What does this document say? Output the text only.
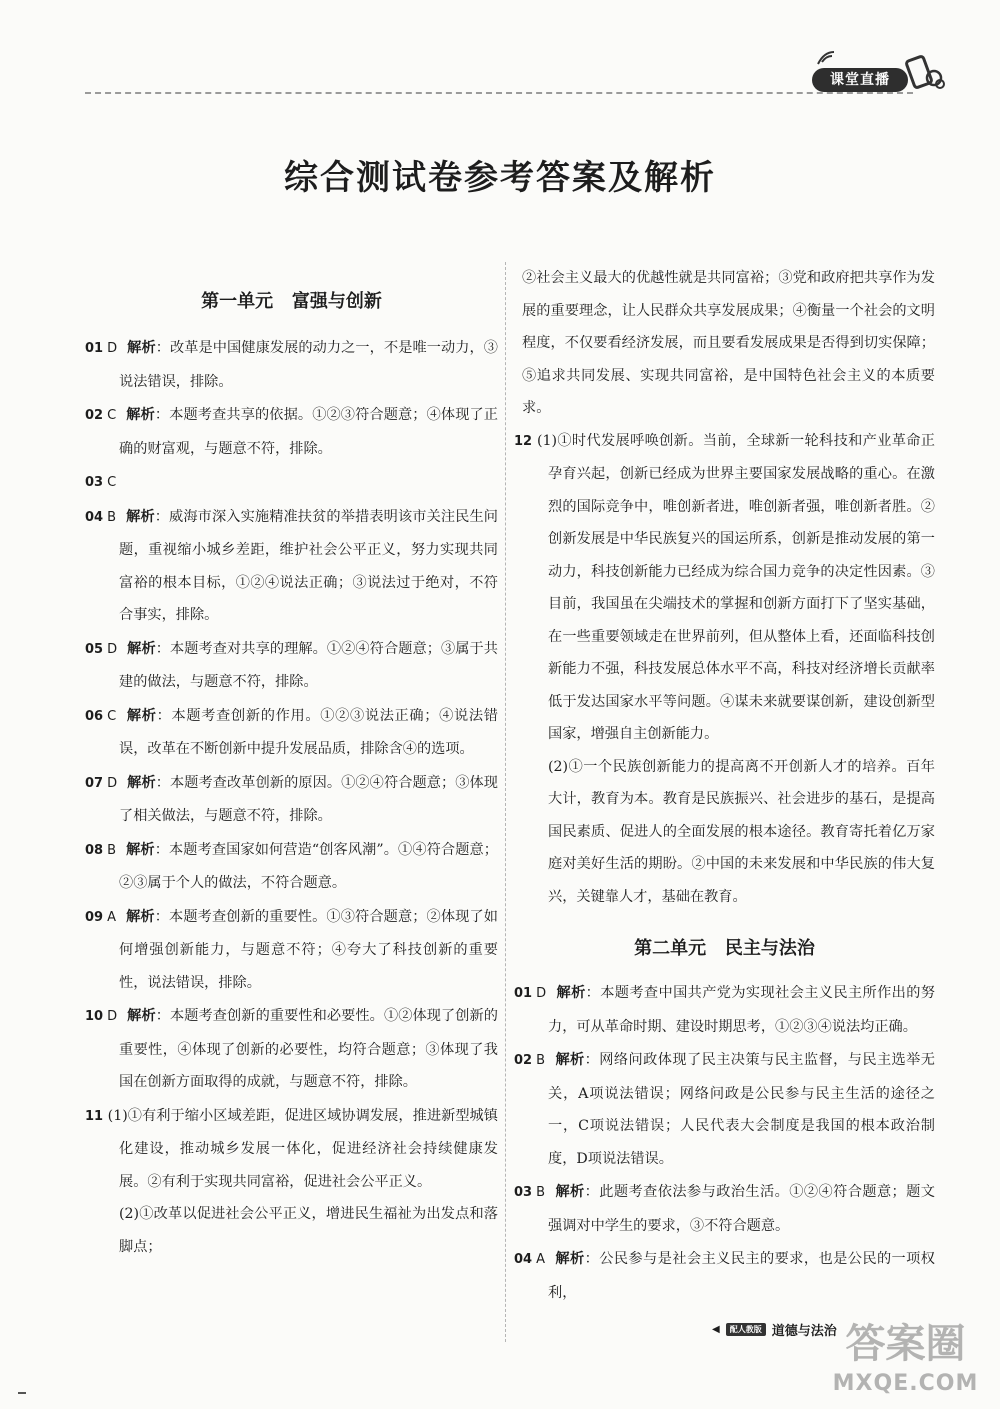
课堂直播
综合测试卷参考答案及解析

第一单元   富强与创新

01 D 解析：改革是中国健康发展的动力之一，不是唯一动力，③说法错误，排除。

02 C 解析：本题考查共享的依据。①②③符合题意；④体现了正确的财富观，与题意不符，排除。

03 C

04 B 解析：威海市深入实施精准扶贫的举措表明该市关注民生问题，重视缩小城乡差距，维护社会公平正义，努力实现共同富裕的根本目标，①②④说法正确；③说法过于绝对，不符合事实，排除。

05 D 解析：本题考查对共享的理解。①②④符合题意；③属于共建的做法，与题意不符，排除。

06 C 解析：本题考查创新的作用。①②③说法正确；④说法错误，改革在不断创新中提升发展品质，排除含④的选项。

07 D 解析：本题考查改革创新的原因。①②④符合题意；③体现了相关做法，与题意不符，排除。

08 B 解析：本题考查国家如何营造“创客风潮”。①④符合题意；②③属于个人的做法，不符合题意。

09 A 解析：本题考查创新的重要性。①③符合题意；②体现了如何增强创新能力，与题意不符；④夸大了科技创新的重要性，说法错误，排除。

10 D 解析：本题考查创新的重要性和必要性。①②体现了创新的重要性，④体现了创新的必要性，均符合题意；③体现了我国在创新方面取得的成就，与题意不符，排除。

11 (1)①有利于缩小区域差距，促进区域协调发展，推进新型城镇化建设，推动城乡发展一体化，促进经济社会持续健康发展。②有利于实现共同富裕，促进社会公平正义。

(2)①改革以促进社会公平正义，增进民生福祉为出发点和落脚点；

②社会主义最大的优越性就是共同富裕；③党和政府把共享作为发展的重要理念，让人民群众共享发展成果；④衡量一个社会的文明程度，不仅要看经济发展，而且要看发展成果是否得到切实保障；⑤追求共同发展、实现共同富裕，是中国特色社会主义的本质要求。

12 (1)①时代发展呼唤创新。当前，全球新一轮科技和产业革命正孕育兴起，创新已经成为世界主要国家发展战略的重心。在激烈的国际竞争中，唯创新者进，唯创新者强，唯创新者胜。②创新发展是中华民族复兴的国运所系，创新是推动发展的第一动力，科技创新能力已经成为综合国力竞争的决定性因素。③目前，我国虽在尖端技术的掌握和创新方面打下了坚实基础，在一些重要领域走在世界前列，但从整体上看，还面临科技创新能力不强，科技发展总体水平不高，科技对经济增长贡献率低于发达国家水平等问题。④谋未来就要谋创新，建设创新型国家，增强自主创新能力。

(2)①一个民族创新能力的提高离不开创新人才的培养。百年大计，教育为本。教育是民族振兴、社会进步的基石，是提高国民素质、促进人的全面发展的根本途径。教育寄托着亿万家庭对美好生活的期盼。②中国的未来发展和中华民族的伟大复兴，关键靠人才，基础在教育。

第二单元   民主与法治

01 D 解析：本题考查中国共产党为实现社会主义民主所作出的努力，可从革命时期、建设时期思考，①②③④说法均正确。

02 B 解析：网络问政体现了民主决策与民主监督，与民主选举无关，A项说法错误；网络问政是公民参与民主生活的途径之一，C项说法错误；人民代表大会制度是我国的根本政治制度，D项说法错误。

03 B 解析：此题考查依法参与政治生活。①②④符合题意；题文强调对中学生的要求，③不符合题意。

04 A 解析：公民参与是社会主义民主的要求，也是公民的一项权利，

◀	配人教版 道德与法治 答案圈
MXQE.COM
